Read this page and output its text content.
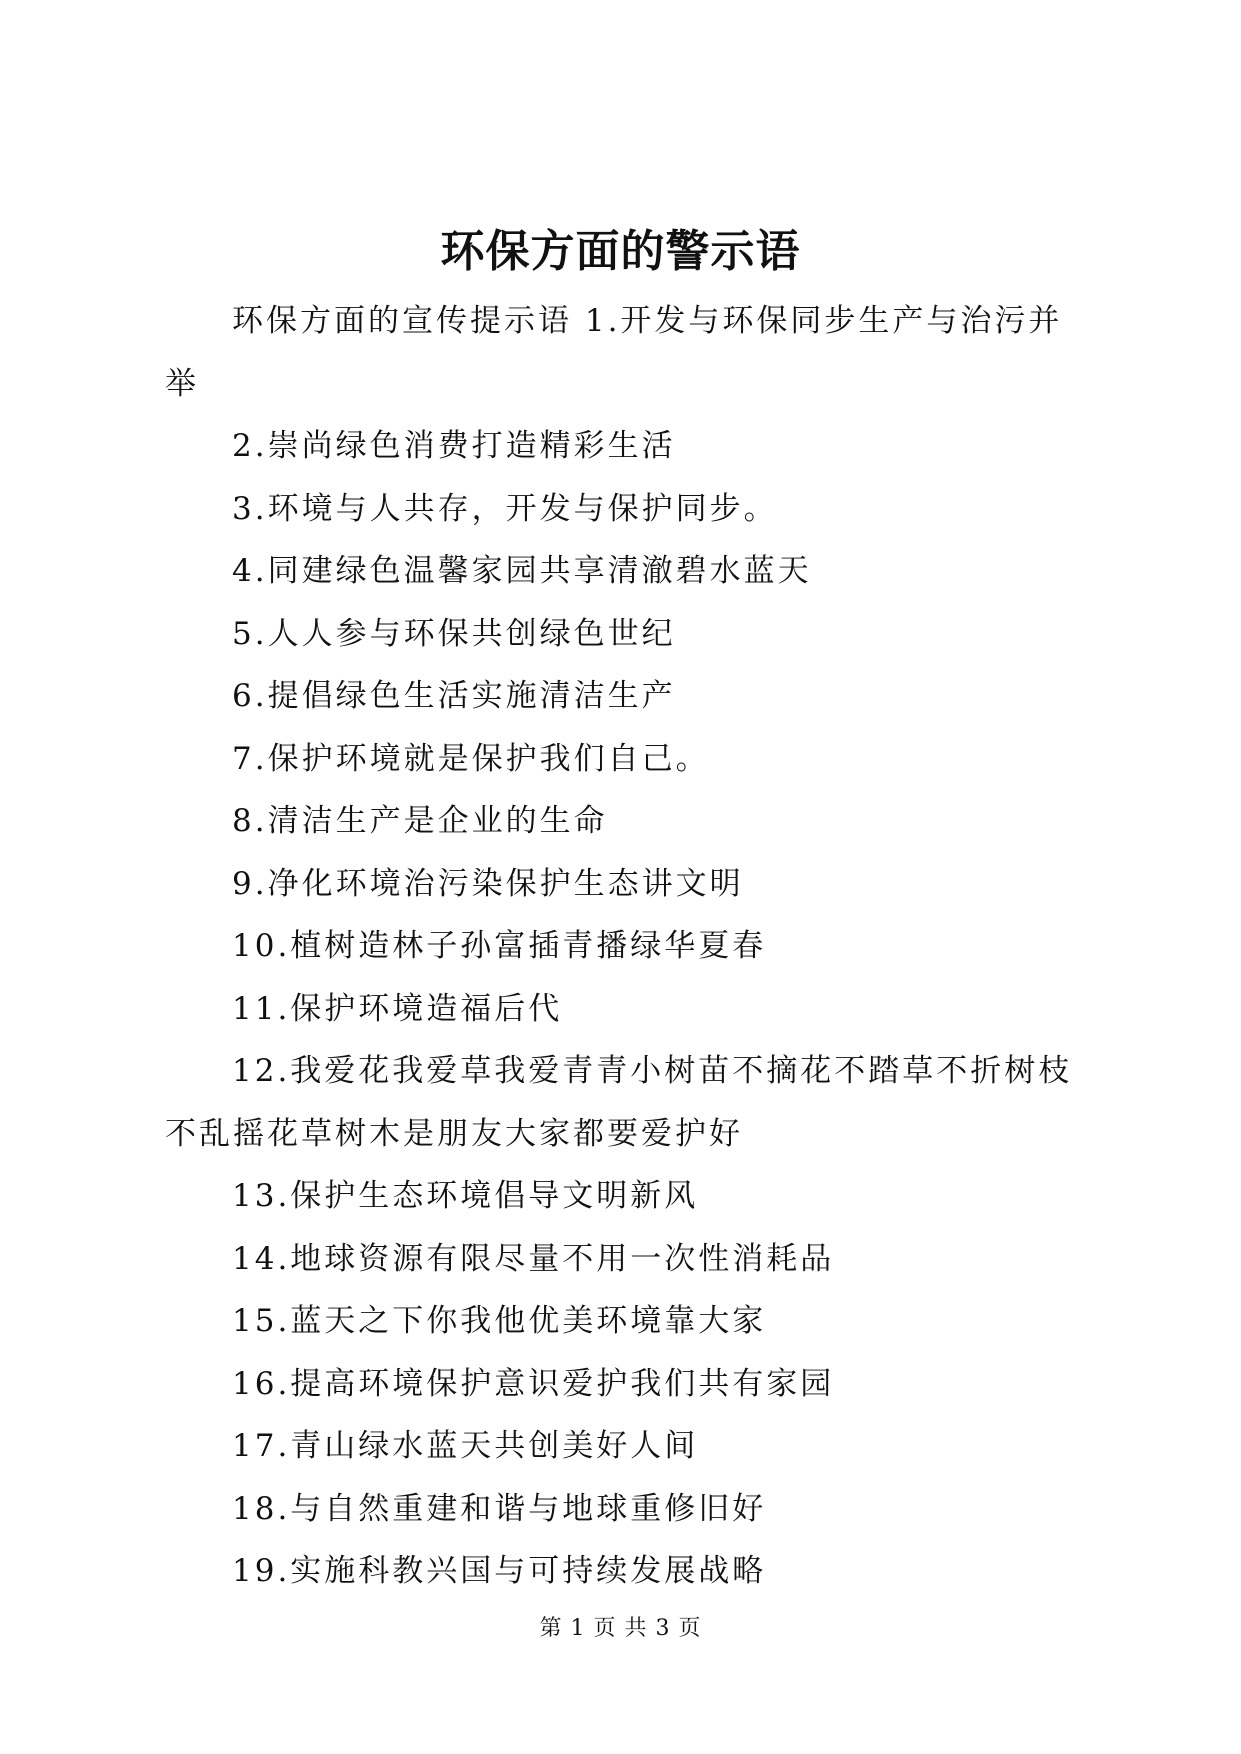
环保方面的警示语

环保方面的宣传提示语 1.开发与环保同步生产与治污并举

2.崇尚绿色消费打造精彩生活

3.环境与人共存，开发与保护同步。

4.同建绿色温馨家园共享清澈碧水蓝天

5.人人参与环保共创绿色世纪

6.提倡绿色生活实施清洁生产

7.保护环境就是保护我们自己。

8.清洁生产是企业的生命

9.净化环境治污染保护生态讲文明

10.植树造林子孙富插青播绿华夏春

11.保护环境造福后代

12.我爱花我爱草我爱青青小树苗不摘花不踏草不折树枝不乱摇花草树木是朋友大家都要爱护好

13.保护生态环境倡导文明新风

14.地球资源有限尽量不用一次性消耗品

15.蓝天之下你我他优美环境靠大家

16.提高环境保护意识爱护我们共有家园

17.青山绿水蓝天共创美好人间

18.与自然重建和谐与地球重修旧好

19.实施科教兴国与可持续发展战略

第 1 页 共 3 页
